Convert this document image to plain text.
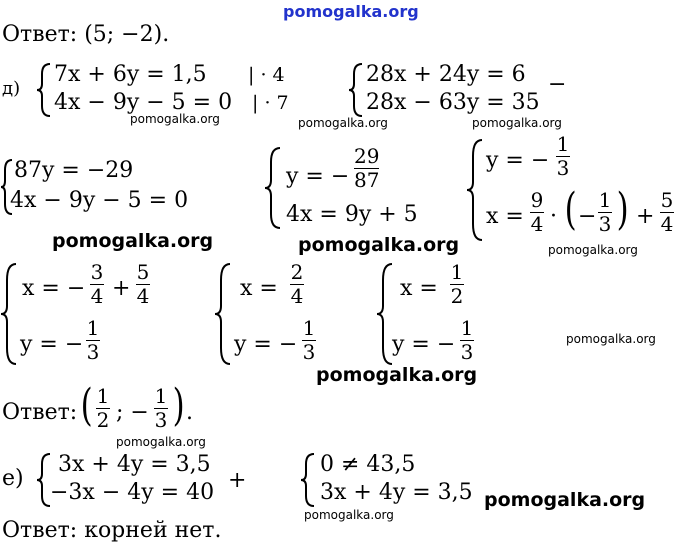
pomogalka.org
Ответ: (5; −2).
д)
7x + 6y = 1,5
4x − 9y − 5 = 0
| · 4
| · 7
28x + 24y = 6
28x − 63y = 35
−
pomogalka.org	pomogalka.org	pomogalka.org
87y = −29
4x − 9y − 5 = 0
y = −
29
87
4x = 9y + 5
y = −
1
3
x =
9
4 · ( −
1
3 ) +
5
4
pomogalka.org	pomogalka.org	pomogalka.org
x = −
3
4 +
5
4
y = −
1
3
x =
2
4
y = −
1
3
x =
1
2
y = −
1
3
pomogalka.org
pomogalka.org
Ответ: ( 1
2 ; −
1
3 ) .
pomogalka.org
е)
3x + 4y = 3,5
−3x − 4y = 40 +
0 ≠ 43,5
3x + 4y = 3,5 pomogalka.org
pomogalka.org
Ответ: корней нет.
